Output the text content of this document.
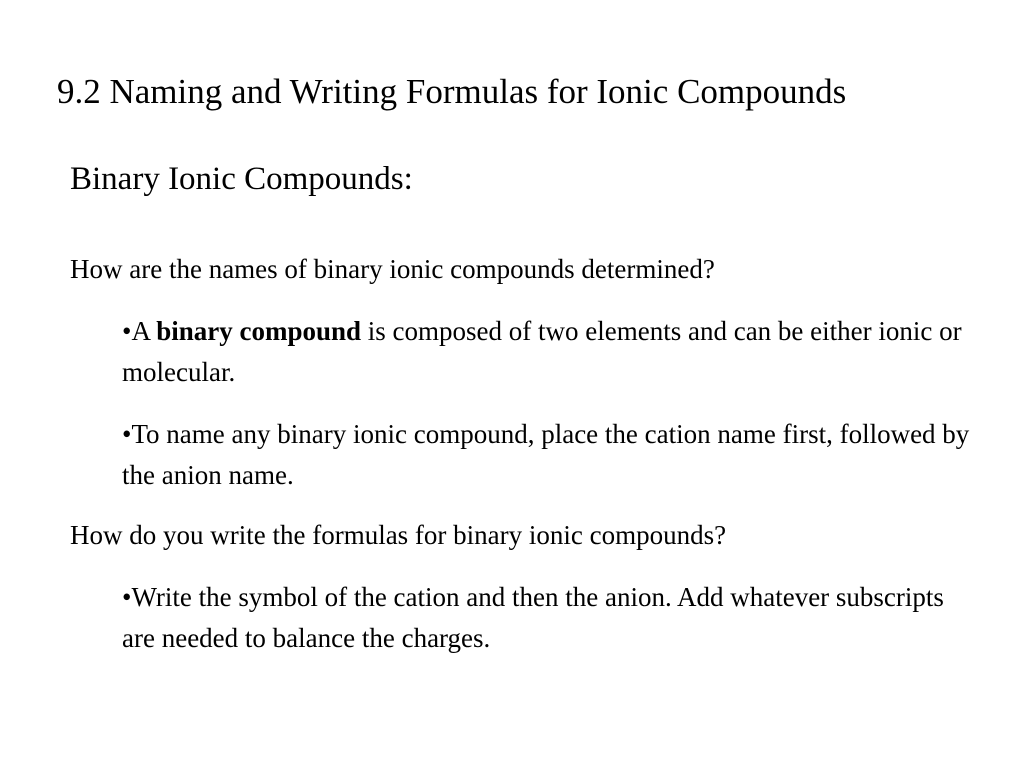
9.2 Naming and Writing Formulas for Ionic Compounds
Binary Ionic Compounds:
How are the names of binary ionic compounds determined?
•A binary compound is composed of two elements and can be either ionic or molecular.
•To name any binary ionic compound, place the cation name first, followed by the anion name.
How do you write the formulas for binary ionic compounds?
•Write the symbol of the cation and then the anion. Add whatever subscripts are needed to balance the charges.
